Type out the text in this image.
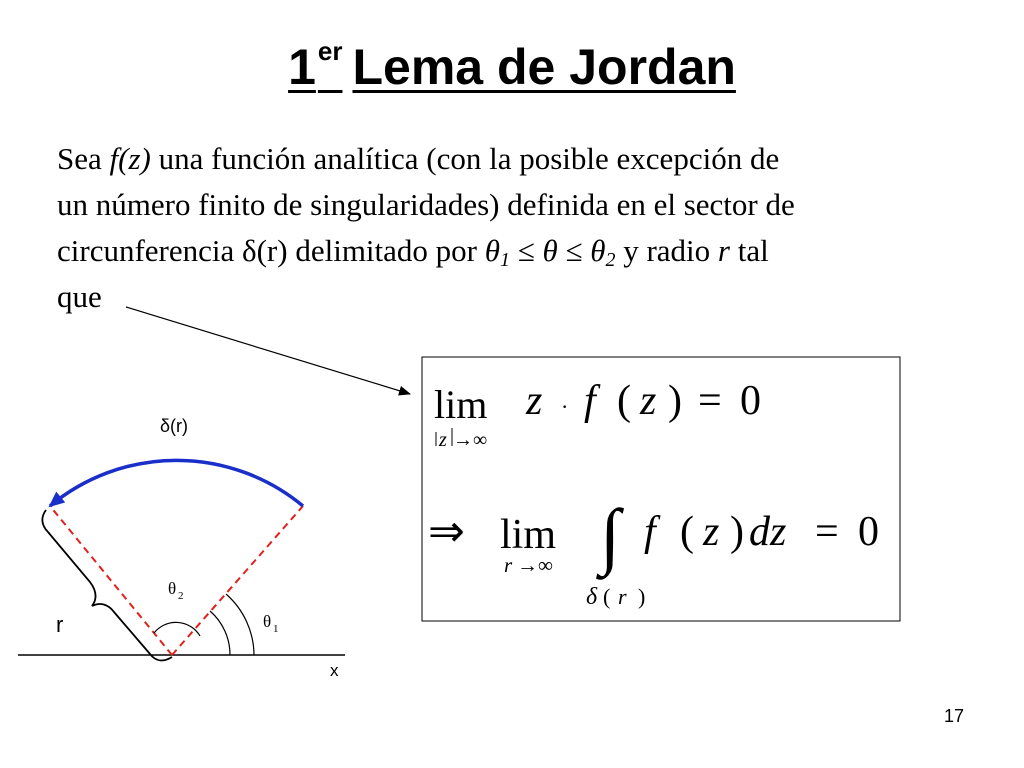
1er Lema de Jordan
Sea f(z) una función analítica (con la posible excepción de
un número finito de singularidades) definida en el sector de
circunferencia δ(r) delimitado por $\theta_1 \le \theta \le \theta_2$ y radio r tal
que
lim
z →∞
z · f ( z ) = 0
⇒ lim
r →∞ ∫ f ( z ) dz = 0
δ ( r )
x
δ(r)
θ 2
θ 1
r
17
